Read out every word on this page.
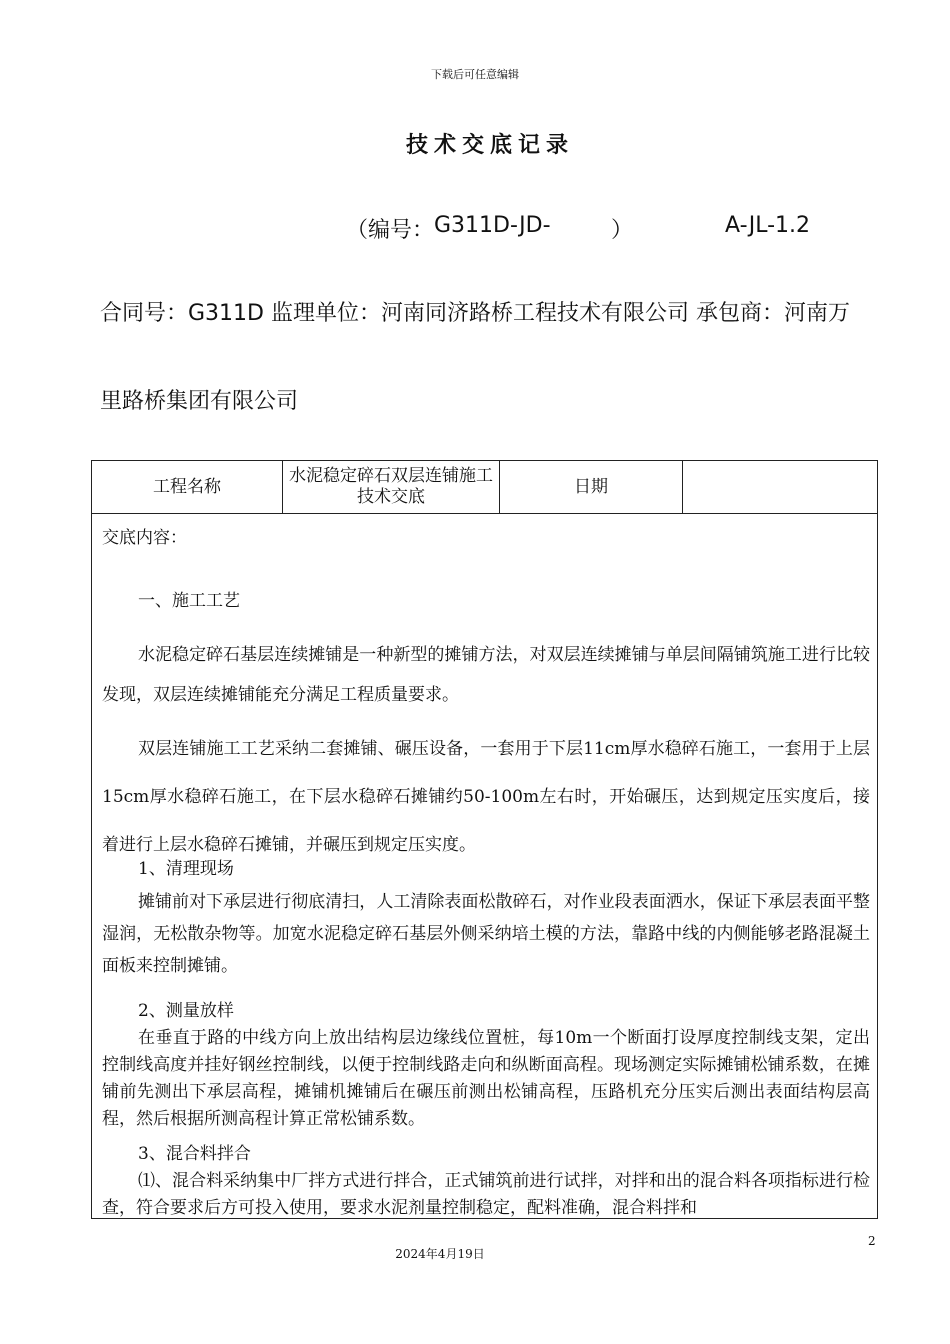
下载后可任意编辑
技术交底记录
（编号： G311D-JD-	）	A-JL-1.2
合同号：G311D 监理单位：河南同济路桥工程技术有限公司 承包商：河南万
里路桥集团有限公司
工程名称
水泥稳定碎石双层连铺施工技术交底
日期

交底内容：

一、施工工艺

水泥稳定碎石基层连续摊铺是一种新型的摊铺方法，对双层连续摊铺与单层间隔铺筑施工进行比较发现，双层连续摊铺能充分满足工程质量要求。

双层连铺施工工艺采纳二套摊铺、碾压设备，一套用于下层11cm厚水稳碎石施工，一套用于上层15cm厚水稳碎石施工，在下层水稳碎石摊铺约50-100m左右时，开始碾压，达到规定压实度后，接着进行上层水稳碎石摊铺，并碾压到规定压实度。

1、清理现场

摊铺前对下承层进行彻底清扫，人工清除表面松散碎石，对作业段表面洒水，保证下承层表面平整湿润，无松散杂物等。加宽水泥稳定碎石基层外侧采纳培土模的方法，靠路中线的内侧能够老路混凝土面板来控制摊铺。

2、测量放样

在垂直于路的中线方向上放出结构层边缘线位置桩，每10m一个断面打设厚度控制线支架，定出控制线高度并挂好钢丝控制线，以便于控制线路走向和纵断面高程。现场测定实际摊铺松铺系数，在摊铺前先测出下承层高程，摊铺机摊铺后在碾压前测出松铺高程，压路机充分压实后测出表面结构层高程，然后根据所测高程计算正常松铺系数。

3、混合料拌合

⑴、混合料采纳集中厂拌方式进行拌合，正式铺筑前进行试拌，对拌和出的混合料各项指标进行检查，符合要求后方可投入使用，要求水泥剂量控制稳定，配料准确，混合料拌和

2
2024年4月19日
